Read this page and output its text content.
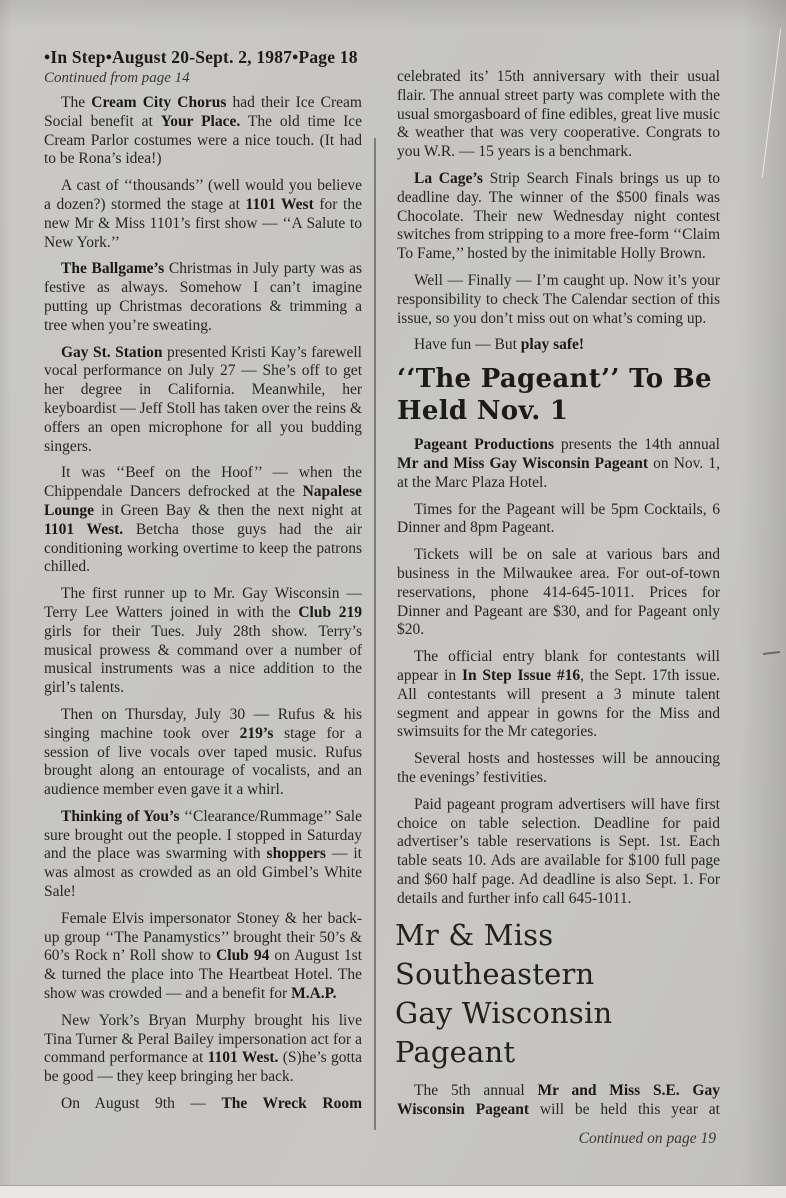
•In Step•August 20-Sept. 2, 1987•Page 18
Continued from page 14

The Cream City Chorus had their Ice Cream Social benefit at Your Place. The old time Ice Cream Parlor costumes were a nice touch. (It had to be Rona’s idea!)

A cast of ‘‘thousands’’ (well would you believe a dozen?) stormed the stage at 1101 West for the new Mr & Miss 1101’s first show — ‘‘A Salute to New York.’’

The Ballgame’s Christmas in July party was as festive as always. Somehow I can’t imagine putting up Christmas decorations & trimming a tree when you’re sweating.

Gay St. Station presented Kristi Kay’s farewell vocal performance on July 27 — She’s off to get her degree in California. Meanwhile, her keyboardist — Jeff Stoll has taken over the reins & offers an open microphone for all you budding singers.

It was ‘‘Beef on the Hoof’’ — when the Chippendale Dancers defrocked at the Napalese Lounge in Green Bay & then the next night at 1101 West. Betcha those guys had the air conditioning working overtime to keep the patrons chilled.

The first runner up to Mr. Gay Wisconsin — Terry Lee Watters joined in with the Club 219 girls for their Tues. July 28th show. Terry’s musical prowess & command over a number of musical instruments was a nice addition to the girl’s talents.

Then on Thursday, July 30 — Rufus & his singing machine took over 219’s stage for a session of live vocals over taped music. Rufus brought along an entourage of vocalists, and an audience member even gave it a whirl.

Thinking of You’s ‘‘Clearance/Rummage’’ Sale sure brought out the people. I stopped in Saturday and the place was swarming with shoppers — it was almost as crowded as an old Gimbel’s White Sale!

Female Elvis impersonator Stoney & her back-up group ‘‘The Panamystics’’ brought their 50’s & 60’s Rock n’ Roll show to Club 94 on August 1st & turned the place into The Heartbeat Hotel. The show was crowded — and a benefit for M.A.P.

New York’s Bryan Murphy brought his live Tina Turner & Peral Bailey impersonation act for a command performance at 1101 West. (S)he’s gotta be good — they keep bringing her back.

On August 9th — The Wreck Room

celebrated its’ 15th anniversary with their usual flair. The annual street party was complete with the usual smorgasboard of fine edibles, great live music & weather that was very cooperative. Congrats to you W.R. — 15 years is a benchmark.

La Cage’s Strip Search Finals brings us up to deadline day. The winner of the $500 finals was Chocolate. Their new Wednesday night contest switches from stripping to a more free-form ‘‘Claim To Fame,’’ hosted by the inimitable Holly Brown.

Well — Finally — I’m caught up. Now it’s your responsibility to check The Calendar section of this issue, so you don’t miss out on what’s coming up.

Have fun — But play safe!

‘‘The Pageant’’ To Be
Held Nov. 1

Pageant Productions presents the 14th annual Mr and Miss Gay Wisconsin Pageant on Nov. 1, at the Marc Plaza Hotel.

Times for the Pageant will be 5pm Cocktails, 6 Dinner and 8pm Pageant.

Tickets will be on sale at various bars and business in the Milwaukee area. For out-of-town reservations, phone 414-645-1011. Prices for Dinner and Pageant are $30, and for Pageant only $20.

The official entry blank for contestants will appear in In Step Issue #16, the Sept. 17th issue. All contestants will present a 3 minute talent segment and appear in gowns for the Miss and swimsuits for the Mr categories.

Several hosts and hostesses will be annoucing the evenings’ festivities.

Paid pageant program advertisers will have first choice on table selection. Deadline for paid advertiser’s table reservations is Sept. 1st. Each table seats 10. Ads are available for $100 full page and $60 half page. Ad deadline is also Sept. 1. For details and further info call 645-1011.

Mr & Miss Southeastern
Gay Wisconsin Pageant

The 5th annual Mr and Miss S.E. Gay Wisconsin Pageant will be held this year at

Continued on page 19
